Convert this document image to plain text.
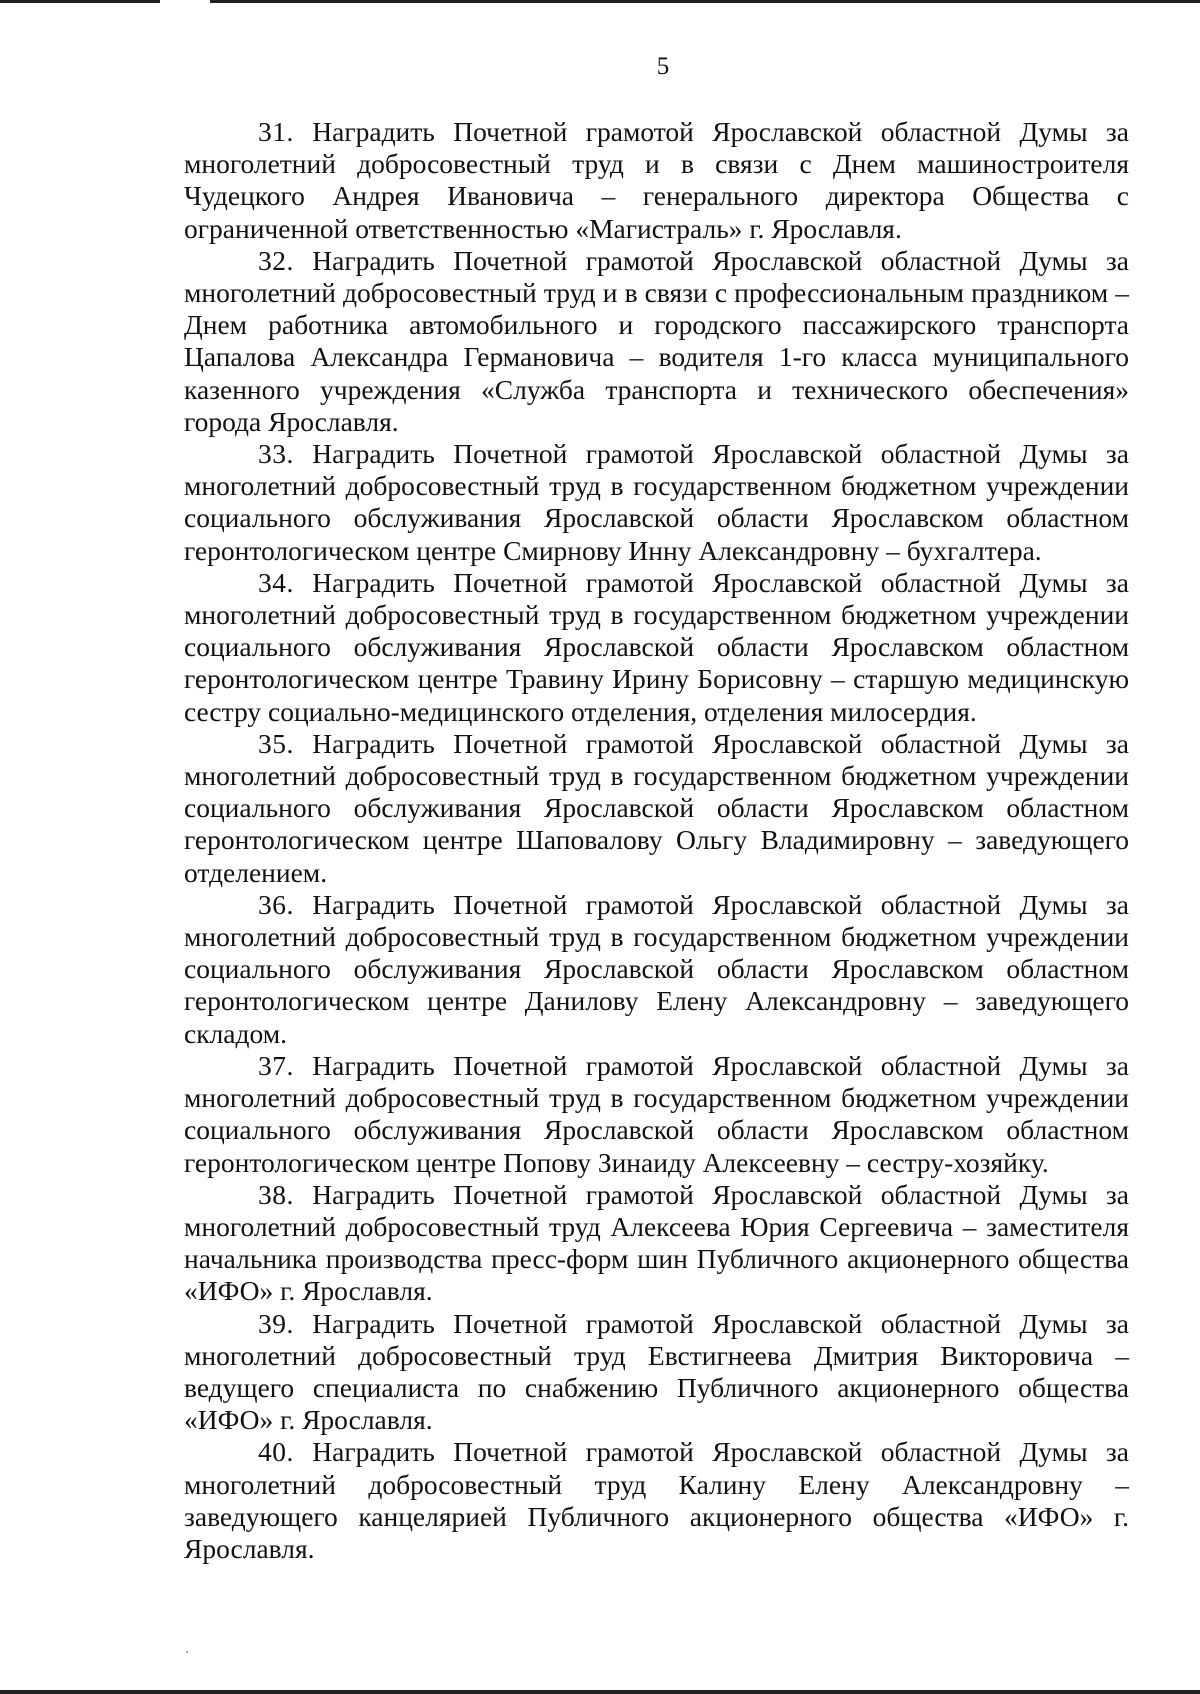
5

31. Наградить Почетной грамотой Ярославской областной Думы за многолетний добросовестный труд и в связи с Днем машиностроителя Чудецкого Андрея Ивановича – генерального директора Общества с ограниченной ответственностью «Магистраль» г. Ярославля.

32. Наградить Почетной грамотой Ярославской областной Думы за многолетний добросовестный труд и в связи с профессиональным праздником – Днем работника автомобильного и городского пассажирского транспорта Цапалова Александра Германовича – водителя 1-го класса муниципального казенного учреждения «Служба транспорта и технического обеспечения» города Ярославля.

33. Наградить Почетной грамотой Ярославской областной Думы за многолетний добросовестный труд в государственном бюджетном учреждении социального обслуживания Ярославской области Ярославском областном геронтологическом центре Смирнову Инну Александровну – бухгалтера.

34. Наградить Почетной грамотой Ярославской областной Думы за многолетний добросовестный труд в государственном бюджетном учреждении социального обслуживания Ярославской области Ярославском областном геронтологическом центре Травину Ирину Борисовну – старшую медицинскую сестру социально-медицинского отделения, отделения милосердия.

35. Наградить Почетной грамотой Ярославской областной Думы за многолетний добросовестный труд в государственном бюджетном учреждении социального обслуживания Ярославской области Ярославском областном геронтологическом центре Шаповалову Ольгу Владимировну – заведующего отделением.

36. Наградить Почетной грамотой Ярославской областной Думы за многолетний добросовестный труд в государственном бюджетном учреждении социального обслуживания Ярославской области Ярославском областном геронтологическом центре Данилову Елену Александровну – заведующего складом.

37. Наградить Почетной грамотой Ярославской областной Думы за многолетний добросовестный труд в государственном бюджетном учреждении социального обслуживания Ярославской области Ярославском областном геронтологическом центре Попову Зинаиду Алексеевну – сестру-хозяйку.

38. Наградить Почетной грамотой Ярославской областной Думы за многолетний добросовестный труд Алексеева Юрия Сергеевича – заместителя начальника производства пресс-форм шин Публичного акционерного общества «ИФО» г. Ярославля.

39. Наградить Почетной грамотой Ярославской областной Думы за многолетний добросовестный труд Евстигнеева Дмитрия Викторовича – ведущего специалиста по снабжению Публичного акционерного общества «ИФО» г. Ярославля.

40. Наградить Почетной грамотой Ярославской областной Думы за многолетний добросовестный труд Калину Елену Александровну – заведующего канцелярией Публичного акционерного общества «ИФО» г. Ярославля.
